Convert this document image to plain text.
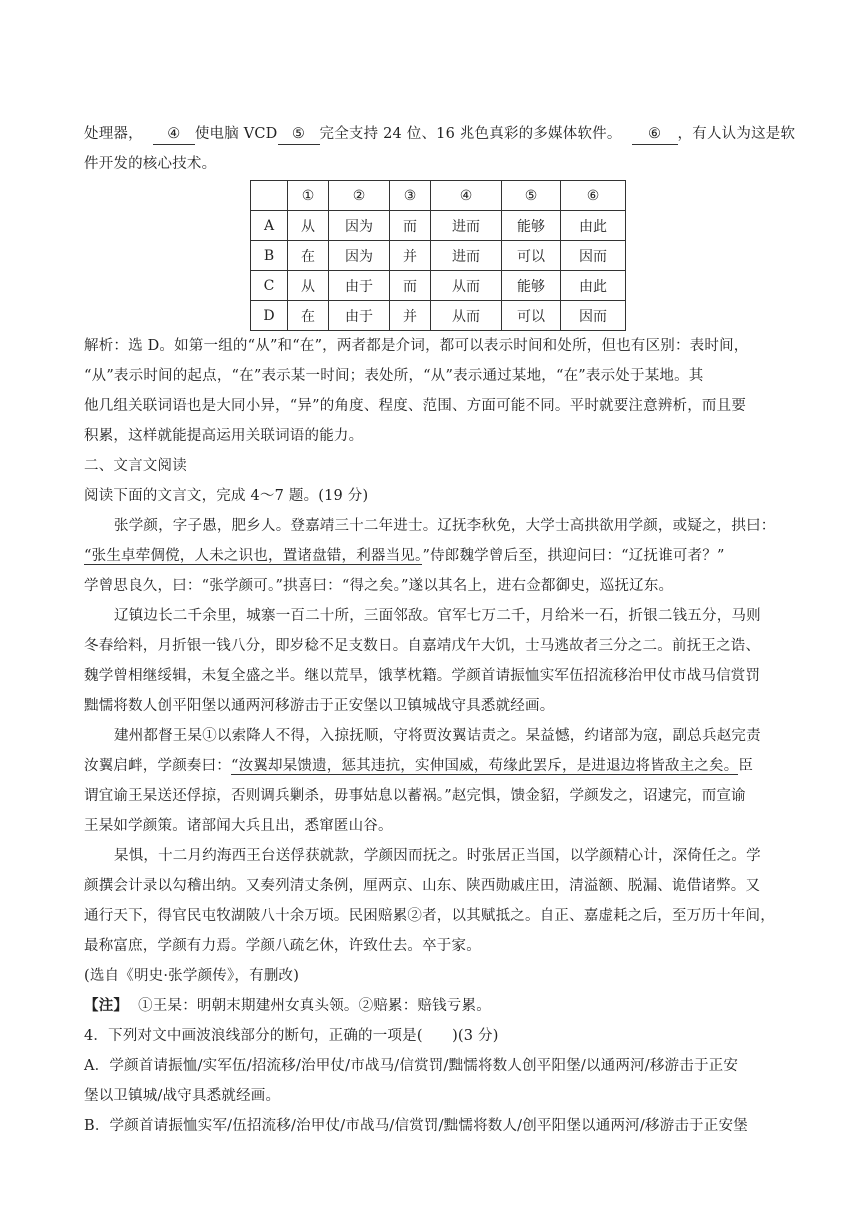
处理器， ④ 使电脑 VCD ⑤ 完全支持 24 位、16 兆色真彩的多媒体软件。 ⑥ ，有人认为这是软
件开发的核心技术。
	①	②	③	④	⑤	⑥
A	从	因为	而	进而	能够	由此
B	在	因为	并	进而	可以	因而
C	从	由于	而	从而	能够	由此
D	在	由于	并	从而	可以	因而
解析：选 D。如第一组的“从”和“在”，两者都是介词，都可以表示时间和处所，但也有区别：表时间，
“从”表示时间的起点，“在”表示某一时间；表处所，“从”表示通过某地，“在”表示处于某地。其
他几组关联词语也是大同小异，“异”的角度、程度、范围、方面可能不同。平时就要注意辨析，而且要
积累，这样就能提高运用关联词语的能力。
二、文言文阅读
阅读下面的文言文，完成 4～7 题。(19 分)
张学颜，字子愚，肥乡人。登嘉靖三十二年进士。辽抚李秋免，大学士高拱欲用学颜，或疑之，拱曰：
“张生卓荦倜傥，人未之识也，置诸盘错，利器当见。”侍郎魏学曾后至，拱迎问曰：“辽抚谁可者？”
学曾思良久，曰：“张学颜可。”拱喜曰：“得之矣。”遂以其名上，进右佥都御史，巡抚辽东。
辽镇边长二千余里，城寨一百二十所，三面邻敌。官军七万二千，月给米一石，折银二钱五分，马则
冬春给料，月折银一钱八分，即岁稔不足支数日。自嘉靖戊午大饥，士马逃故者三分之二。前抚王之诰、
魏学曾相继绥辑，未复全盛之半。继以荒旱，饿莩枕籍。学颜首请振恤实军伍招流移治甲仗市战马信赏罚
黜懦将数人创平阳堡以通两河移游击于正安堡以卫镇城战守具悉就经画。
建州都督王杲①以索降人不得，入掠抚顺，守将贾汝翼诘责之。杲益憾，约诸部为寇，副总兵赵完责
汝翼启衅，学颜奏曰：“汝翼却杲馈遗，惩其违抗，实伸国威，苟缘此罢斥，是进退边将皆敌主之矣。臣
谓宜谕王杲送还俘掠，否则调兵剿杀，毋事姑息以蓄祸。”赵完惧，馈金貂，学颜发之，诏逮完，而宣谕
王杲如学颜策。诸部闻大兵且出，悉窜匿山谷。
杲惧，十二月约海西王台送俘获就款，学颜因而抚之。时张居正当国，以学颜精心计，深倚任之。学
颜撰会计录以勾稽出纳。又奏列清丈条例，厘两京、山东、陕西勋戚庄田，清溢额、脱漏、诡借诸弊。又
通行天下，得官民屯牧湖陂八十余万顷。民困赔累②者，以其赋抵之。自正、嘉虚耗之后，至万历十年间，
最称富庶，学颜有力焉。学颜八疏乞休，许致仕去。卒于家。
(选自《明史·张学颜传》，有删改)
【注】 ①王杲：明朝末期建州女真头领。②赔累：赔钱亏累。
4．下列对文中画波浪线部分的断句，正确的一项是(　　)(3 分)
A．学颜首请振恤/实军伍/招流移/治甲仗/市战马/信赏罚/黜懦将数人创平阳堡/以通两河/移游击于正安
堡以卫镇城/战守具悉就经画。
B．学颜首请振恤实军/伍招流移/治甲仗/市战马/信赏罚/黜懦将数人/创平阳堡以通两河/移游击于正安堡
